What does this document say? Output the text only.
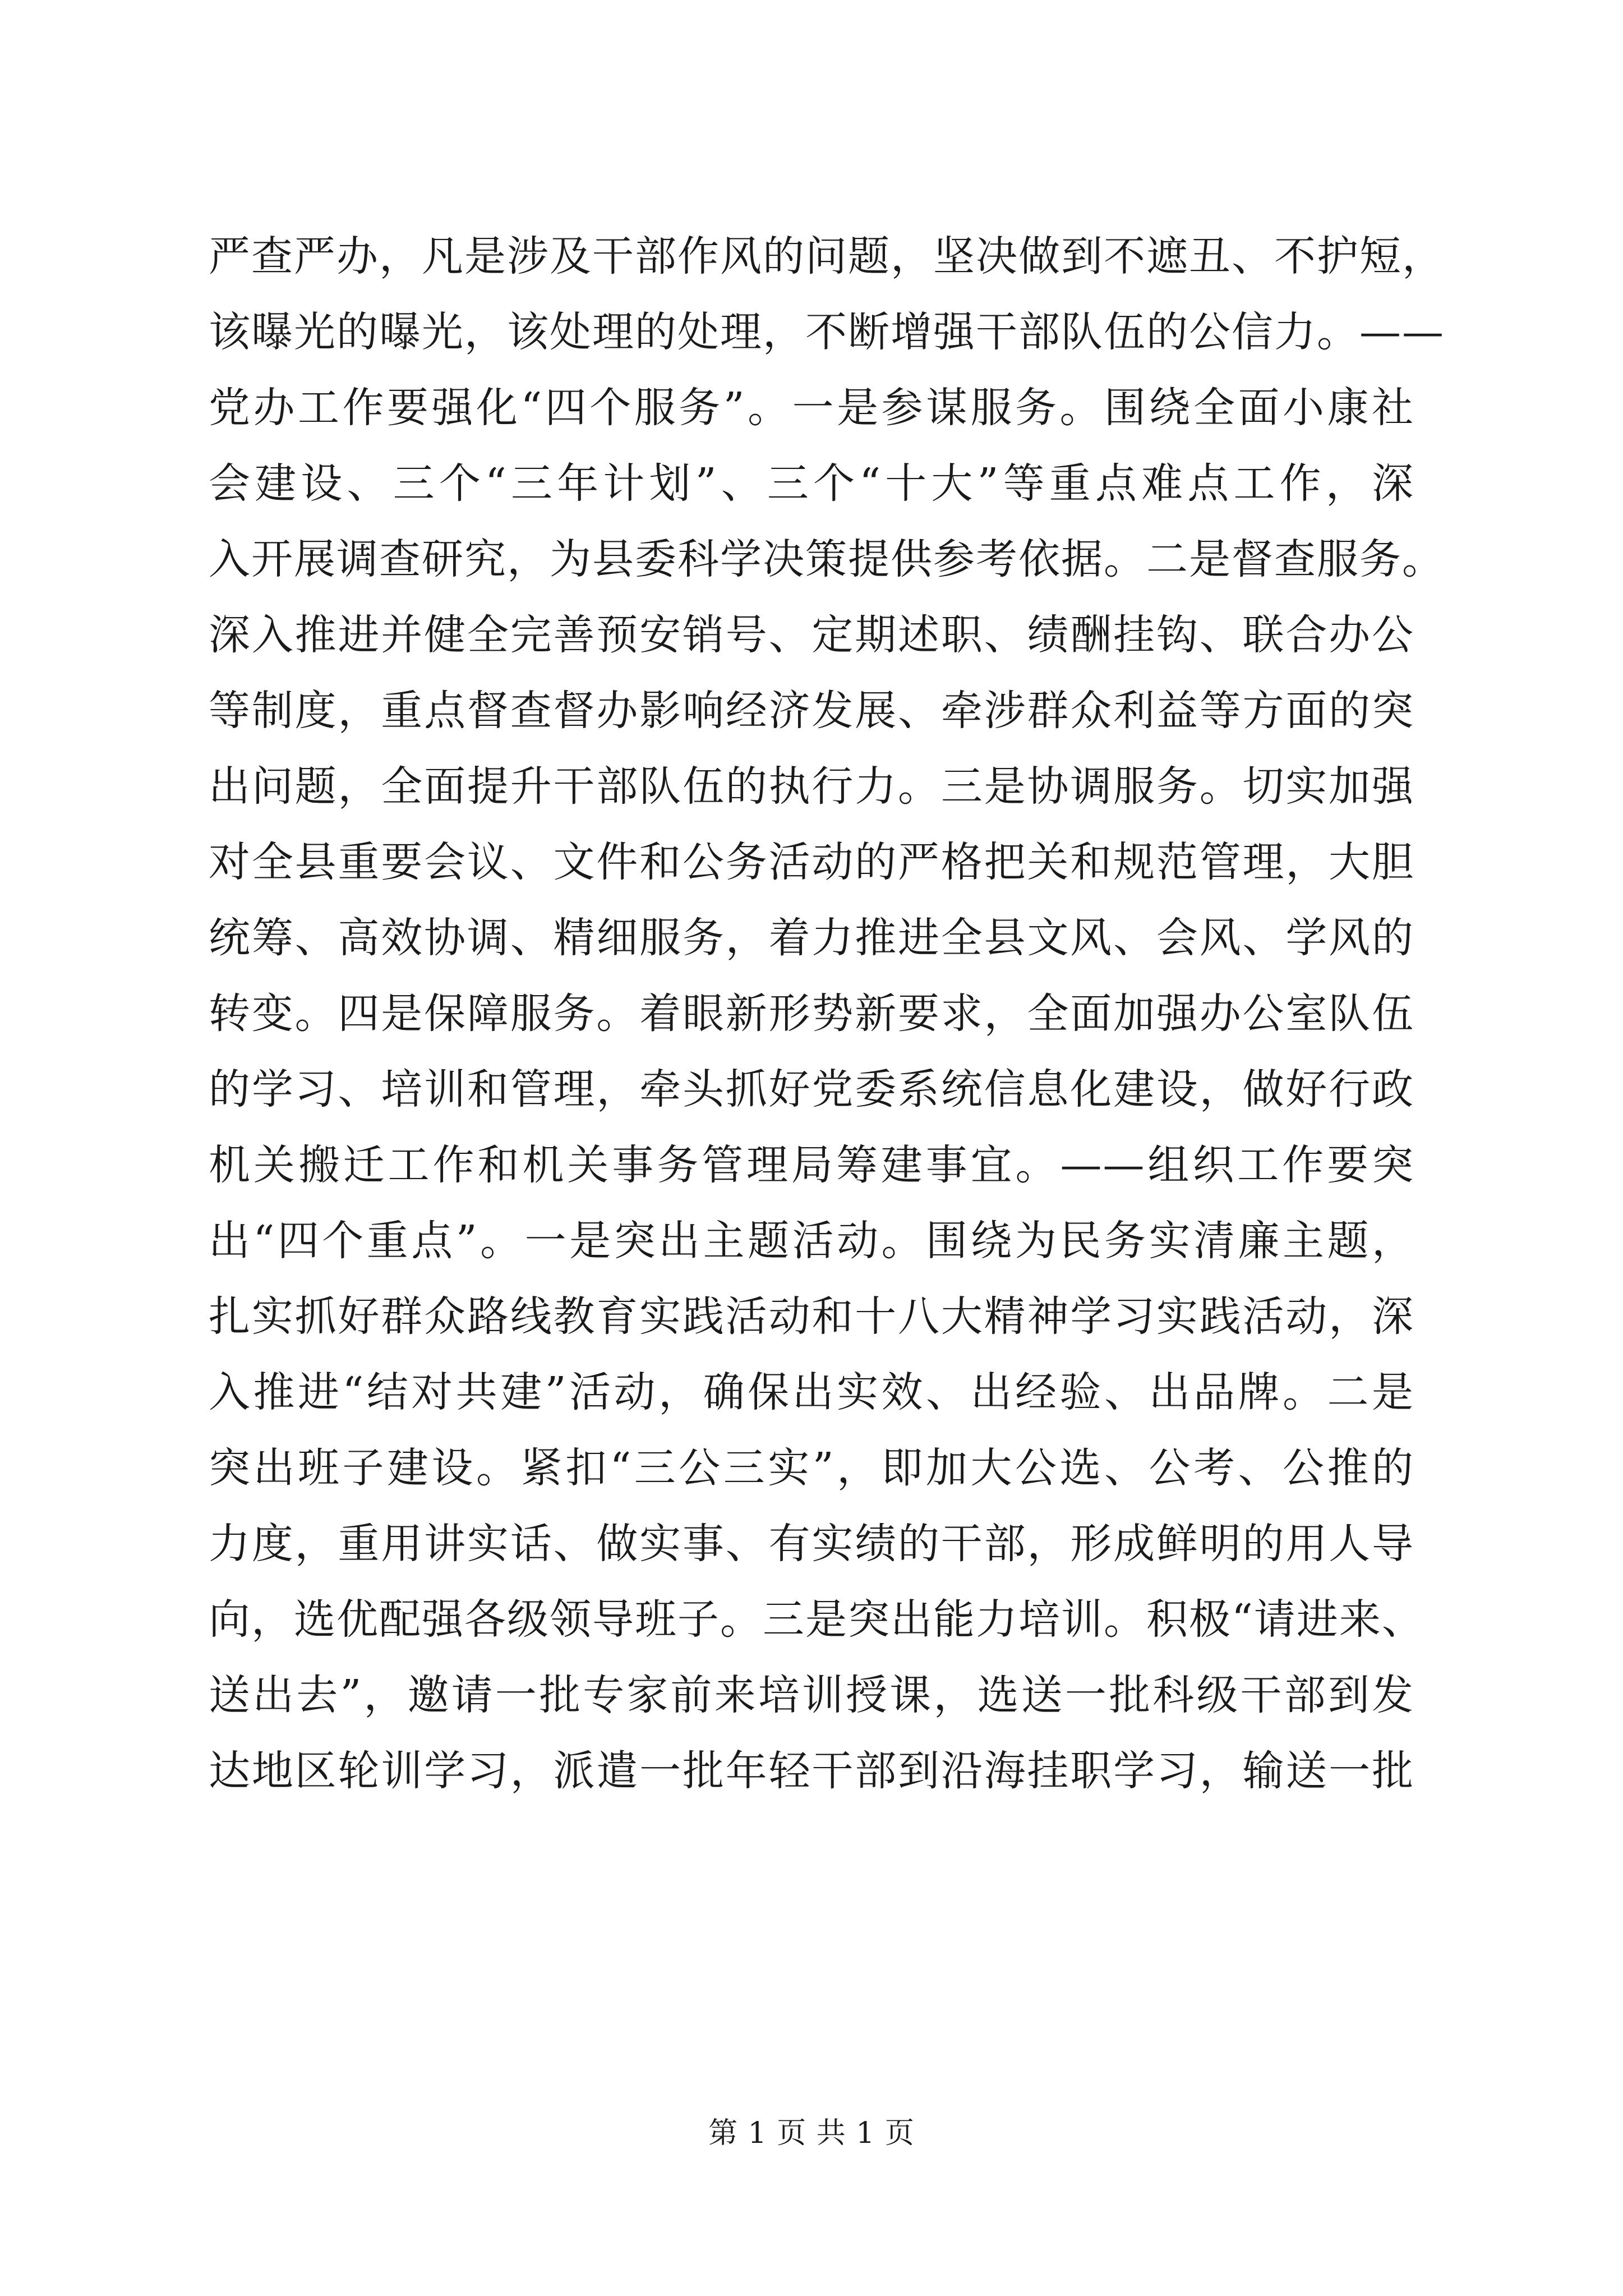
严查严办，凡是涉及干部作风的问题，坚决做到不遮丑、不护短，
该曝光的曝光，该处理的处理，不断增强干部队伍的公信力。——
党办工作要强化“四个服务”。一是参谋服务。围绕全面小康社
会建设、三个“三年计划”、三个“十大”等重点难点工作，深
入开展调查研究，为县委科学决策提供参考依据。二是督查服务。
深入推进并健全完善预安销号、定期述职、绩酬挂钩、联合办公
等制度，重点督查督办影响经济发展、牵涉群众利益等方面的突
出问题，全面提升干部队伍的执行力。三是协调服务。切实加强
对全县重要会议、文件和公务活动的严格把关和规范管理，大胆
统筹、高效协调、精细服务，着力推进全县文风、会风、学风的
转变。四是保障服务。着眼新形势新要求，全面加强办公室队伍
的学习、培训和管理，牵头抓好党委系统信息化建设，做好行政
机关搬迁工作和机关事务管理局筹建事宜。——组织工作要突
出“四个重点”。一是突出主题活动。围绕为民务实清廉主题，
扎实抓好群众路线教育实践活动和十八大精神学习实践活动，深
入推进“结对共建”活动，确保出实效、出经验、出品牌。二是
突出班子建设。紧扣“三公三实”，即加大公选、公考、公推的
力度，重用讲实话、做实事、有实绩的干部，形成鲜明的用人导
向，选优配强各级领导班子。三是突出能力培训。积极“请进来、
送出去”，邀请一批专家前来培训授课，选送一批科级干部到发
达地区轮训学习，派遣一批年轻干部到沿海挂职学习，输送一批
第 1 页 共 1 页
